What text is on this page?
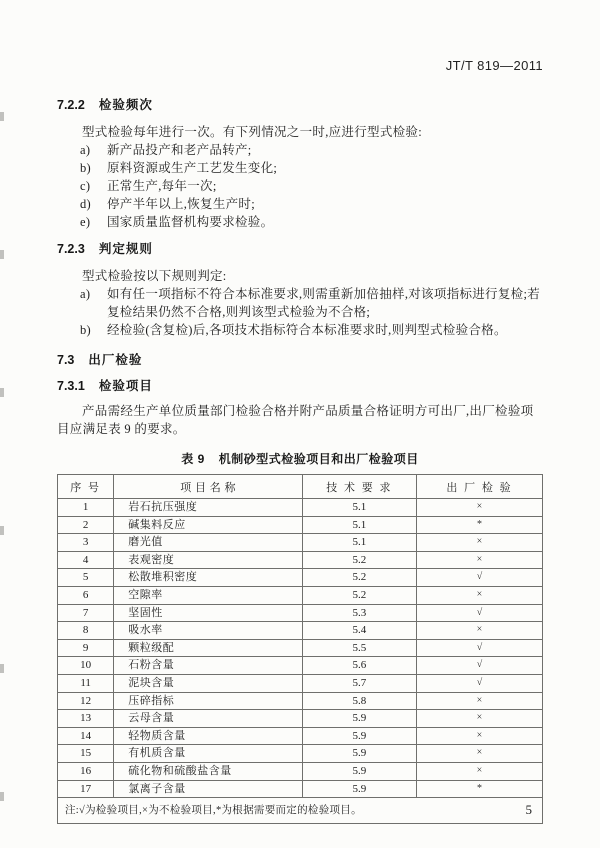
JT/T 819—2011
7.2.2 检验频次

型式检验每年进行一次。有下列情况之一时,应进行型式检验:

a)	新产品投产和老产品转产;
b)	原料资源或生产工艺发生变化;
c)	正常生产,每年一次;
d)	停产半年以上,恢复生产时;
e)	国家质量监督机构要求检验。
7.2.3 判定规则

型式检验按以下规则判定:

a)	如有任一项指标不符合本标准要求,则需重新加倍抽样,对该项指标进行复检;若复检结果仍然不合格,则判该型式检验为不合格;
b)	经检验(含复检)后,各项技术指标符合本标准要求时,则判型式检验合格。
7.3 出厂检验
7.3.1 检验项目

产品需经生产单位质量部门检验合格并附产品质量合格证明方可出厂,出厂检验项目应满足表 9 的要求。

表 9 机制砂型式检验项目和出厂检验项目
序 号	项 目 名 称	技 术 要 求	出 厂 检 验
1	岩石抗压强度	5.1	×
2	碱集料反应	5.1	*
3	磨光值	5.1	×
4	表观密度	5.2	×
5	松散堆积密度	5.2	√
6	空隙率	5.2	×
7	坚固性	5.3	√
8	吸水率	5.4	×
9	颗粒级配	5.5	√
10	石粉含量	5.6	√
11	泥块含量	5.7	√
12	压碎指标	5.8	×
13	云母含量	5.9	×
14	轻物质含量	5.9	×
15	有机质含量	5.9	×
16	硫化物和硫酸盐含量	5.9	×
17	氯离子含量	5.9	*
注:√为检验项目,×为不检验项目,*为根据需要而定的检验项目。				5
